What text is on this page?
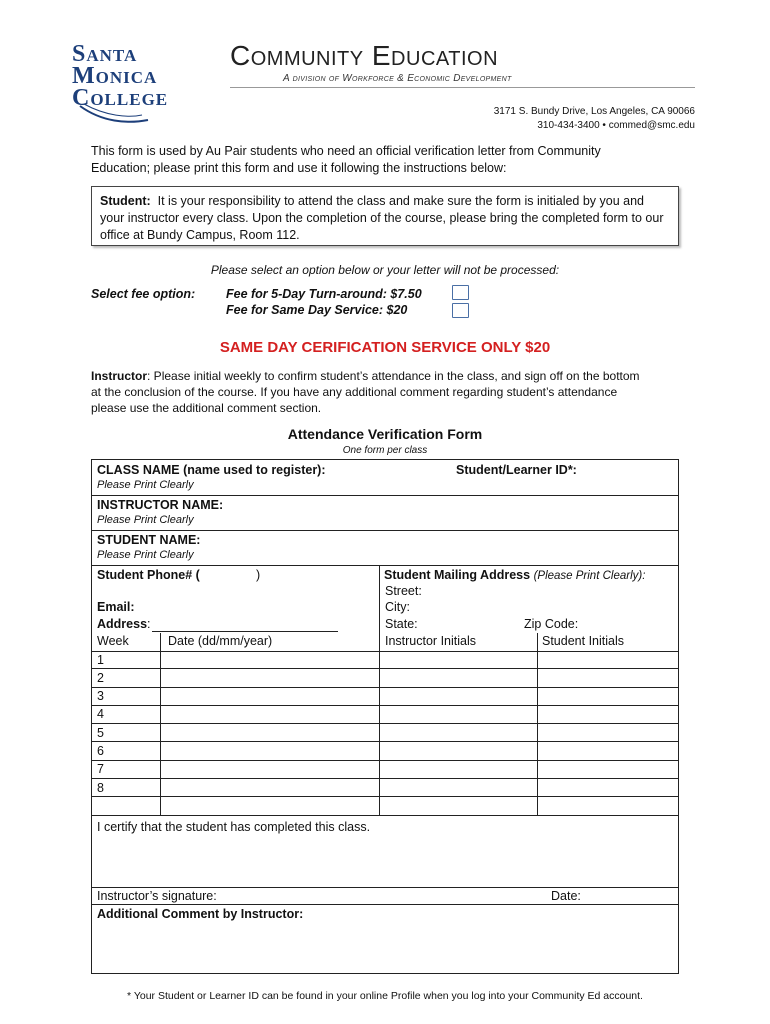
Santa
Monica
College
Community Education
A division of Workforce & Economic Development
3171 S. Bundy Drive, Los Angeles, CA 90066
310-434-3400 • commed@smc.edu
This form is used by Au Pair students who need an official verification letter from Community Education; please print this form and use it following the instructions below:

Student: It is your responsibility to attend the class and make sure the form is initialed by you and your instructor every class. Upon the completion of the course, please bring the completed form to our office at Bundy Campus, Room 112.

Please select an option below or your letter will not be processed:
Select fee option: Fee for 5-Day Turn-around: $7.50
Fee for Same Day Service: $20
SAME DAY CERIFICATION SERVICE ONLY $20
Instructor: Please initial weekly to confirm student’s attendance in the class, and sign off on the bottom at the conclusion of the course. If you have any additional comment regarding student’s attendance please use the additional comment section.
Attendance Verification Form
One form per class
CLASS NAME (name used to register):	Student/Learner ID*:
Please Print Clearly
INSTRUCTOR NAME:
Please Print Clearly
STUDENT NAME:
Please Print Clearly
Student Phone# (	)	Student Mailing Address (Please Print Clearly):
Street:
City:
Email:
Address:	State:	Zip Code:
Week	Date (dd/mm/year)	Instructor Initials	Student Initials
1
2
3
4
5
6
7
8
I certify that the student has completed this class.
Instructor’s signature:	Date:
Additional Comment by Instructor:
* Your Student or Learner ID can be found in your online Profile when you log into your Community Ed account.
